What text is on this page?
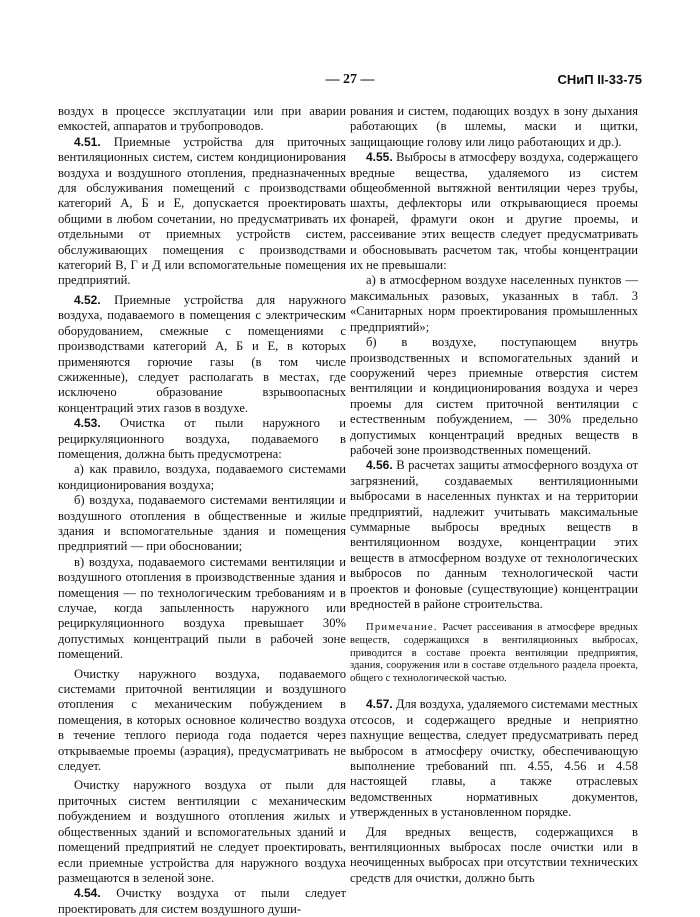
— 27 —	СНиП II-33-75

воздух в процессе эксплуатации или при аварии емкостей, аппаратов и трубопроводов.

4.51. Приемные устройства для приточных вентиляционных систем, систем кондиционирования воздуха и воздушного отопления, предназначенных для обслуживания помещений с производствами категорий А, Б и Е, допускается проектировать общими в любом сочетании, но предусматривать их отдельными от приемных устройств систем, обслуживающих помещения с производствами категорий В, Г и Д или вспомогательные помещения предприятий.

4.52. Приемные устройства для наружного воздуха, подаваемого в помещения с электрическим оборудованием, смежные с помещениями с производствами категорий А, Б и Е, в которых применяются горючие газы (в том числе сжиженные), следует располагать в местах, где исключено образование взрывоопасных концентраций этих газов в воздухе.

4.53. Очистка от пыли наружного и рециркуляционного воздуха, подаваемого в помещения, должна быть предусмотрена:

а) как правило, воздуха, подаваемого системами кондиционирования воздуха;

б) воздуха, подаваемого системами вентиляции и воздушного отопления в общественные и жилые здания и вспомогательные здания и помещения предприятий — при обосновании;

в) воздуха, подаваемого системами вентиляции и воздушного отопления в производственные здания и помещения — по технологическим требованиям и в случае, когда запыленность наружного или рециркуляционного воздуха превышает 30% допустимых концентраций пыли в рабочей зоне помещений.

Очистку наружного воздуха, подаваемого системами приточной вентиляции и воздушного отопления с механическим побуждением в помещения, в которых основное количество воздуха в течение теплого периода года подается через открываемые проемы (аэрация), предусматривать не следует.

Очистку наружного воздуха от пыли для приточных систем вентиляции с механическим побуждением и воздушного отопления жилых и общественных зданий и вспомогательных зданий и помещений предприятий не следует проектировать, если приемные устройства для наружного воздуха размещаются в зеленой зоне.

4.54. Очистку воздуха от пыли следует проектировать для систем воздушного души-

рования и систем, подающих воздух в зону дыхания работающих (в шлемы, маски и щитки, защищающие голову или лицо работающих и др.).

4.55. Выбросы в атмосферу воздуха, содержащего вредные вещества, удаляемого из систем общеобменной вытяжной вентиляции через трубы, шахты, дефлекторы или открывающиеся проемы фонарей, фрамуги окон и другие проемы, и рассеивание этих веществ следует предусматривать и обосновывать расчетом так, чтобы концентрации их не превышали:

а) в атмосферном воздухе населенных пунктов — максимальных разовых, указанных в табл. 3 «Санитарных норм проектирования промышленных предприятий»;

б) в воздухе, поступающем внутрь производственных и вспомогательных зданий и сооружений через приемные отверстия систем вентиляции и кондиционирования воздуха и через проемы для систем приточной вентиляции с естественным побуждением, — 30% предельно допустимых концентраций вредных веществ в рабочей зоне производственных помещений.

4.56. В расчетах защиты атмосферного воздуха от загрязнений, создаваемых вентиляционными выбросами в населенных пунктах и на территории предприятий, надлежит учитывать максимальные суммарные выбросы вредных веществ в вентиляционном воздухе, концентрации этих веществ в атмосферном воздухе от технологических выбросов по данным технологической части проектов и фоновые (существующие) концентрации вредностей в районе строительства.

Примечание. Расчет рассеивания в атмосфере вредных веществ, содержащихся в вентиляционных выбросах, приводится в составе проекта вентиляции предприятия, здания, сооружения или в составе отдельного раздела проекта, общего с технологической частью.

4.57. Для воздуха, удаляемого системами местных отсосов, и содержащего вредные и неприятно пахнущие вещества, следует предусматривать перед выбросом в атмосферу очистку, обеспечивающую выполнение требований пп. 4.55, 4.56 и 4.58 настоящей главы, а также отраслевых ведомственных нормативных документов, утвержденных в установленном порядке.

Для вредных веществ, содержащихся в вентиляционных выбросах после очистки или в неочищенных выбросах при отсутствии технических средств для очистки, должно быть
